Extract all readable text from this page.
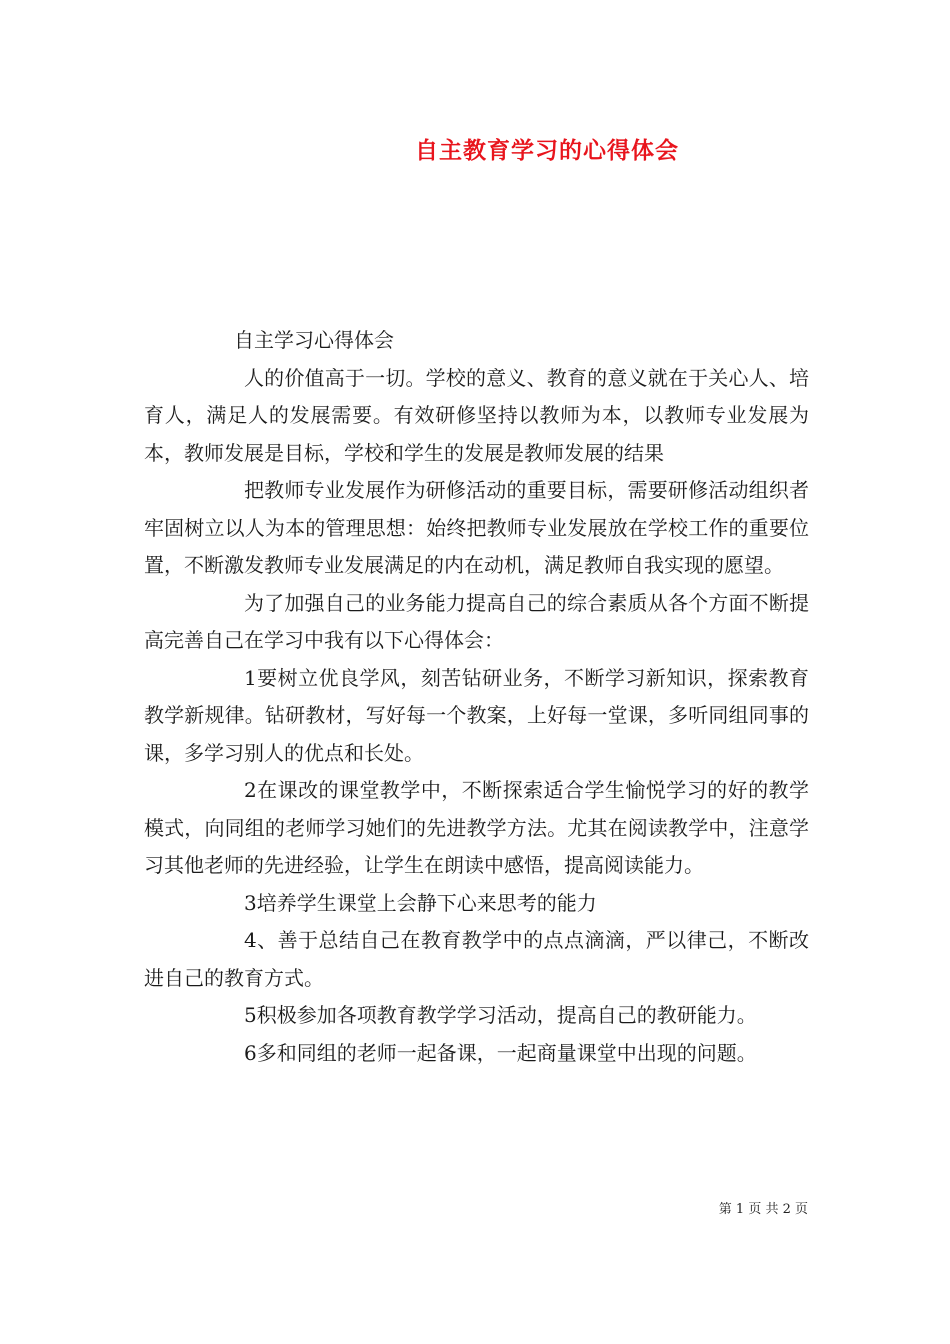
自主教育学习的心得体会
自主学习心得体会

人的价值高于一切。学校的意义、教育的意义就在于关心人、培育人，满足人的发展需要。有效研修坚持以教师为本，以教师专业发展为本，教师发展是目标，学校和学生的发展是教师发展的结果

把教师专业发展作为研修活动的重要目标，需要研修活动组织者牢固树立以人为本的管理思想：始终把教师专业发展放在学校工作的重要位置，不断激发教师专业发展满足的内在动机，满足教师自我实现的愿望。

为了加强自己的业务能力提高自己的综合素质从各个方面不断提高完善自己在学习中我有以下心得体会：

1要树立优良学风，刻苦钻研业务，不断学习新知识，探索教育教学新规律。钻研教材，写好每一个教案，上好每一堂课，多听同组同事的课，多学习别人的优点和长处。

2在课改的课堂教学中，不断探索适合学生愉悦学习的好的教学模式，向同组的老师学习她们的先进教学方法。尤其在阅读教学中，注意学习其他老师的先进经验，让学生在朗读中感悟，提高阅读能力。

3培养学生课堂上会静下心来思考的能力

4、善于总结自己在教育教学中的点点滴滴，严以律己，不断改进自己的教育方式。

5积极参加各项教育教学学习活动，提高自己的教研能力。

6多和同组的老师一起备课，一起商量课堂中出现的问题。

第 1 页 共 2 页
